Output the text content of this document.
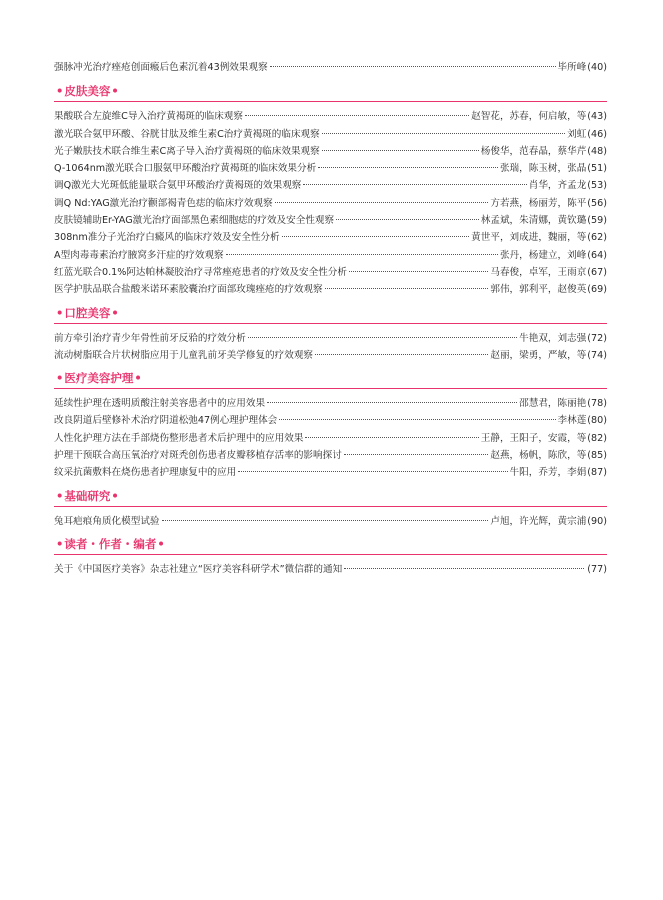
强脉冲光治疗痤疮创面瘢后色素沉着43例效果观察	毕所峰 (40)
•皮肤美容•
果酸联合左旋维C导入治疗黄褐斑的临床观察	赵智花，苏春，何启敏，等 (43)
激光联合氨甲环酸、谷胱甘肽及维生素C治疗黄褐斑的临床观察	刘虹 (46)
光子嫩肤技术联合维生素C离子导入治疗黄褐斑的临床效果观察	杨俊华，范春晶，蔡华芹 (48)
Q-1064nm激光联合口服氨甲环酸治疗黄褐斑的临床效果分析	张瑞，陈玉树，张晶 (51)
调Q激光大光斑低能量联合氨甲环酸治疗黄褐斑的效果观察	肖华，齐孟龙 (53)
调Q Nd:YAG激光治疗颧部褐青色痣的临床疗效观察	方若燕，杨丽芳，陈平 (56)
皮肤镜辅助Er-YAG激光治疗面部黑色素细胞痣的疗效及安全性观察	林孟斌，朱清娜，黄钦璐 (59)
308nm准分子光治疗白癜风的临床疗效及安全性分析	黄世平，刘成进，魏丽，等 (62)
A型肉毒毒素治疗腋窝多汗症的疗效观察	张丹，杨建立，刘峰 (64)
红蓝光联合0.1%阿达帕林凝胶治疗寻常痤疮患者的疗效及安全性分析	马春俊，卓军，王雨京 (67)
医学护肤品联合盐酸米诺环素胶囊治疗面部玫瑰痤疮的疗效观察	郭伟，郭利平，赵俊英 (69)
•口腔美容•
前方牵引治疗青少年骨性前牙反𬌗的疗效分析	牛艳双，刘志强 (72)
流动树脂联合片状树脂应用于儿童乳前牙美学修复的疗效观察	赵丽，梁勇，严敏，等 (74)
•医疗美容护理•
延续性护理在透明质酸注射美容患者中的应用效果	邵慧君，陈丽艳 (78)
改良阴道后壁修补术治疗阴道松弛47例心理护理体会	李林莲 (80)
人性化护理方法在手部烧伤整形患者术后护理中的应用效果	王静，王阳子，安霞，等 (82)
护理干预联合高压氧治疗对斑秃创伤患者皮瓣移植存活率的影响探讨	赵燕，杨帆，陈欣，等 (85)
纹采抗菌敷料在烧伤患者护理康复中的应用	牛阳，乔芳，李娟 (87)
•基础研究•
兔耳疤痕角质化模型试验	卢旭，许光辉，黄宗浦 (90)
•读者・作者・编者•
关于《中国医疗美容》杂志社建立“医疗美容科研学术”微信群的通知	(77)
